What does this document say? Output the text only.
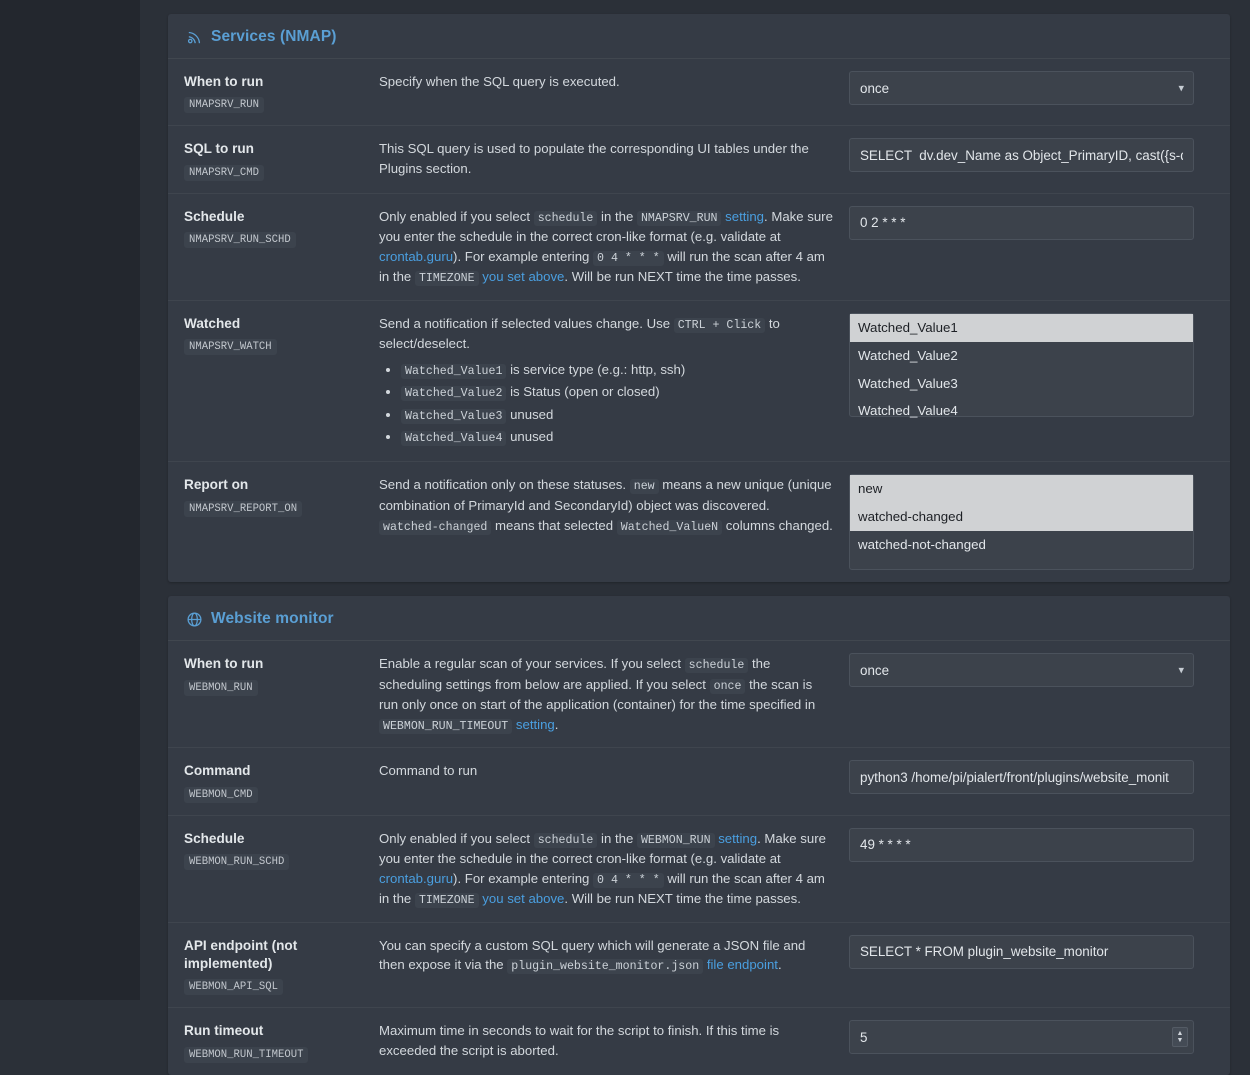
Services (NMAP)
When to run
NMAPSRV_RUN
Specify when the SQL query is executed.
once	▾
SQL to run
NMAPSRV_CMD
This SQL query is used to populate the corresponding UI tables under the Plugins section.
SELECT dv.dev_Name as Object_PrimaryID, cast({s-quo
Schedule
NMAPSRV_RUN_SCHD
Only enabled if you select schedule in the NMAPSRV_RUN setting. Make sure you enter the schedule in the correct cron-like format (e.g. validate at crontab.guru). For example entering 0 4 * * * will run the scan after 4 am in the TIMEZONE you set above. Will be run NEXT time the time passes.
0 2 * * *
Watched
NMAPSRV_WATCH
Send a notification if selected values change. Use CTRL + Click to select/deselect.
• Watched_Value1 is service type (e.g.: http, ssh)
• Watched_Value2 is Status (open or closed)
• Watched_Value3 unused
• Watched_Value4 unused
Watched_Value1
Watched_Value2
Watched_Value3
Watched_Value4
Report on
NMAPSRV_REPORT_ON
Send a notification only on these statuses. new means a new unique (unique combination of PrimaryId and SecondaryId) object was discovered. watched-changed means that selected Watched_ValueN columns changed.
new
watched-changed
watched-not-changed
Website monitor
When to run
WEBMON_RUN
Enable a regular scan of your services. If you select schedule the scheduling settings from below are applied. If you select once the scan is run only once on start of the application (container) for the time specified in WEBMON_RUN_TIMEOUT setting.
once
▾
Command
WEBMON_CMD
Command to run
python3 /home/pi/pialert/front/plugins/website_monit
Schedule
WEBMON_RUN_SCHD
Only enabled if you select schedule in the WEBMON_RUN setting. Make sure you enter the schedule in the correct cron-like format (e.g. validate at crontab.guru). For example entering 0 4 * * * will run the scan after 4 am in the TIMEZONE you set above. Will be run NEXT time the time passes.
49 * * * *
API endpoint (not implemented)
WEBMON_API_SQL
You can specify a custom SQL query which will generate a JSON file and then expose it via the plugin_website_monitor.json file endpoint.
SELECT * FROM plugin_website_monitor
Run timeout
WEBMON_RUN_TIMEOUT
Maximum time in seconds to wait for the script to finish. If this time is exceeded the script is aborted.
5
▲
▼
